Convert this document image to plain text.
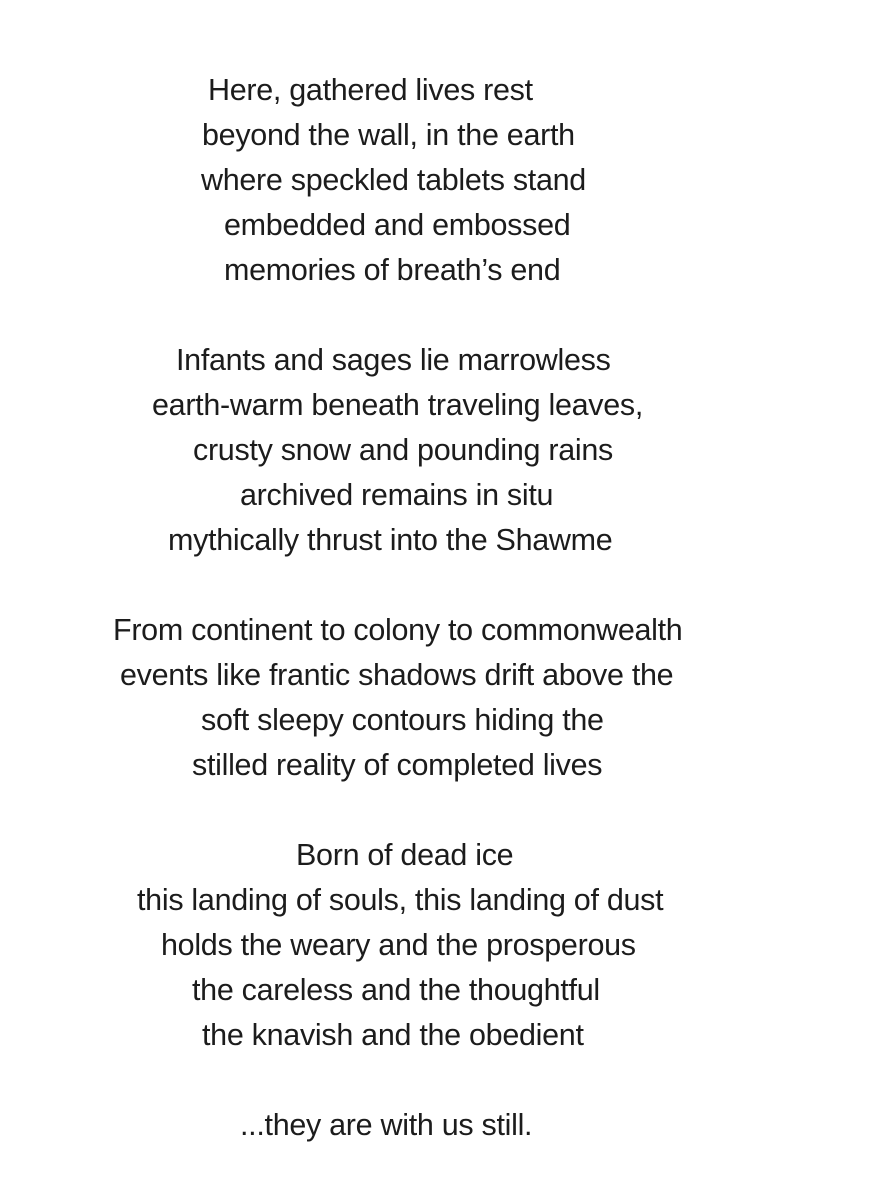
Here, gathered lives rest
beyond the wall, in the earth
where speckled tablets stand
embedded and embossed
memories of breath’s end
Infants and sages lie marrowless
earth-warm beneath traveling leaves,
crusty snow and pounding rains
archived remains in situ
mythically thrust into the Shawme
From continent to colony to commonwealth
events like frantic shadows drift above the
soft sleepy contours hiding the
stilled reality of completed lives
Born of dead ice
this landing of souls, this landing of dust
holds the weary and the prosperous
the careless and the thoughtful
the knavish and the obedient
...they are with us still.
